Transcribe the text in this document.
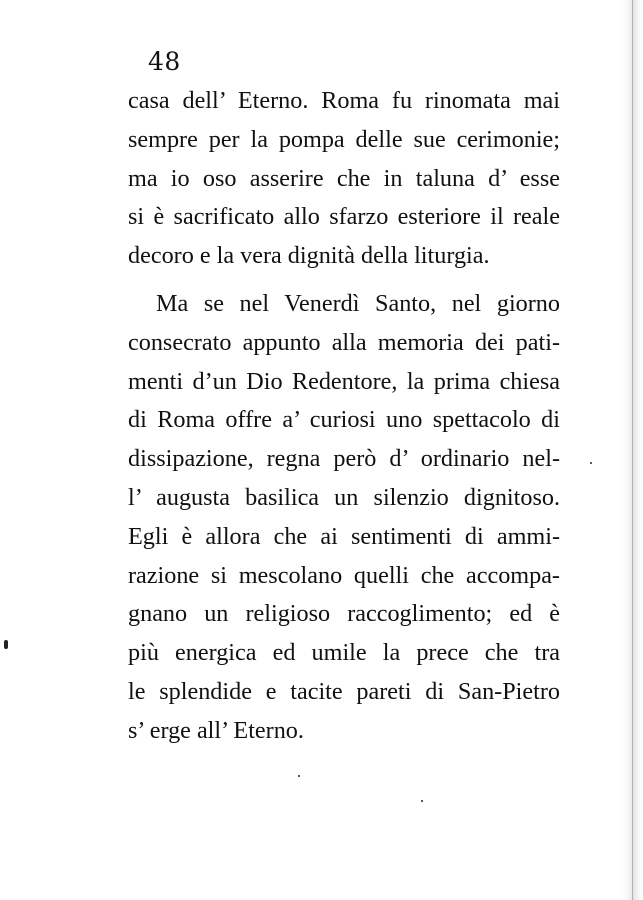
48
casa dell’ Eterno. Roma fu rinomata mai
sempre per la pompa delle sue cerimonie;
ma io oso asserire che in taluna d’ esse
si è sacrificato allo sfarzo esteriore il reale
decoro e la vera dignità della liturgia.
Ma se nel Venerdì Santo, nel giorno
consecrato appunto alla memoria dei pati-
menti d’un Dio Redentore, la prima chiesa
di Roma offre a’ curiosi uno spettacolo di
dissipazione, regna però d’ ordinario nel-
l’ augusta basilica un silenzio dignitoso.
Egli è allora che ai sentimenti di ammi-
razione si mescolano quelli che accompa-
gnano un religioso raccoglimento; ed è
più energica ed umile la prece che tra
le splendide e tacite pareti di San-Pietro
s’ erge all’ Eterno.
